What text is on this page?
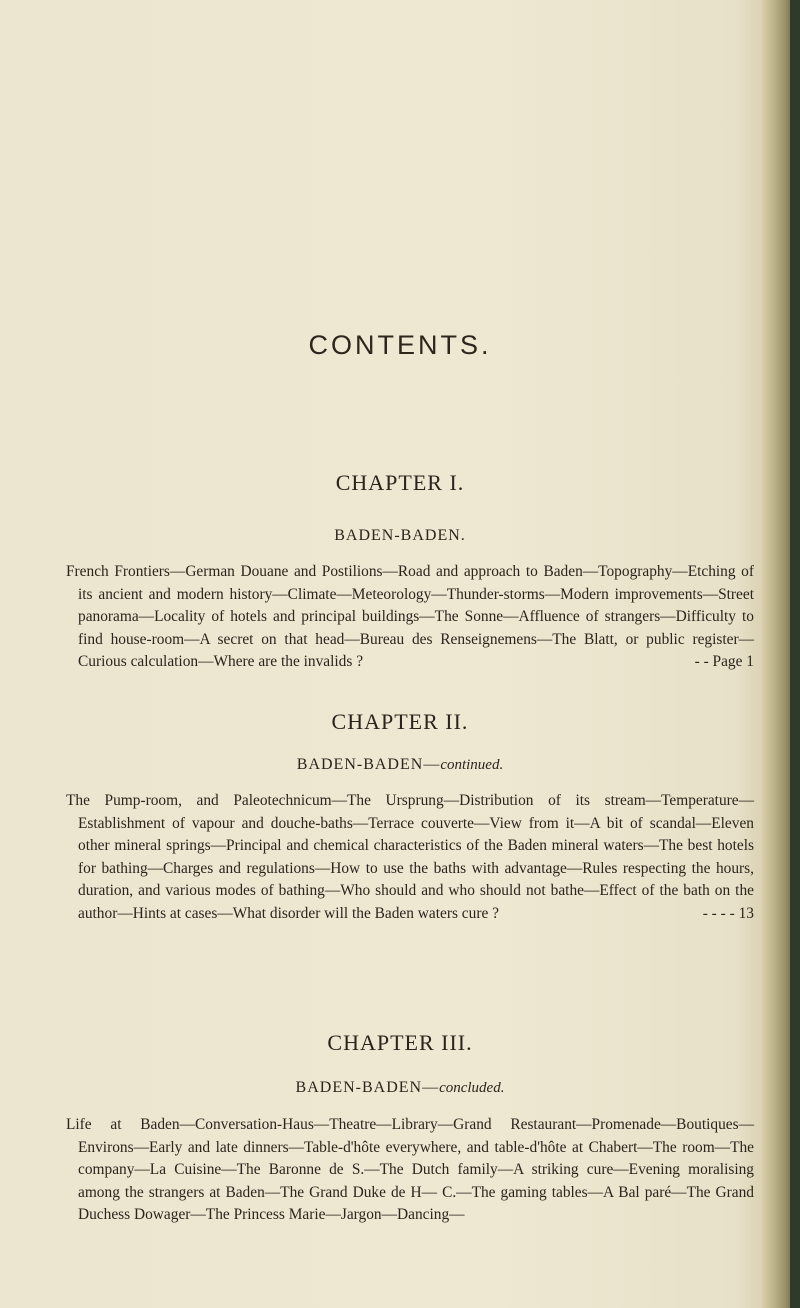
CONTENTS.
CHAPTER I.
BADEN-BADEN.

French Frontiers—German Douane and Postilions—Road and approach to Baden—Topography—Etching of its ancient and modern history—Climate—Meteorology—Thunder-storms—Modern improvements—Street panorama—Locality of hotels and principal buildings—The Sonne—Affluence of strangers—Difficulty to find house-room—A secret on that head—Bureau des Renseignemens—The Blatt, or public register—Curious calculation—Where are the invalids ?	- - Page 1

CHAPTER II.
BADEN-BADEN—continued.

The Pump-room, and Paleotechnicum—The Ursprung—Distribution of its stream—Temperature—Establishment of vapour and douche-baths—Terrace couverte—View from it—A bit of scandal—Eleven other mineral springs—Principal and chemical characteristics of the Baden mineral waters—The best hotels for bathing—Charges and regulations—How to use the baths with advantage—Rules respecting the hours, duration, and various modes of bathing—Who should and who should not bathe—Effect of the bath on the author—Hints at cases—What disorder will the Baden waters cure ?	- - - - 13

CHAPTER III.
BADEN-BADEN—concluded.

Life at Baden—Conversation-Haus—Theatre—Library—Grand Restaurant—Promenade—Boutiques—Environs—Early and late dinners—Table-d'hôte everywhere, and table-d'hôte at Chabert—The room—The company—La Cuisine—The Baronne de S.—The Dutch family—A striking cure—Evening moralising among the strangers at Baden—The Grand Duke de H— C.—The gaming tables—A Bal paré—The Grand Duchess Dowager—The Princess Marie—Jargon—Dancing—
